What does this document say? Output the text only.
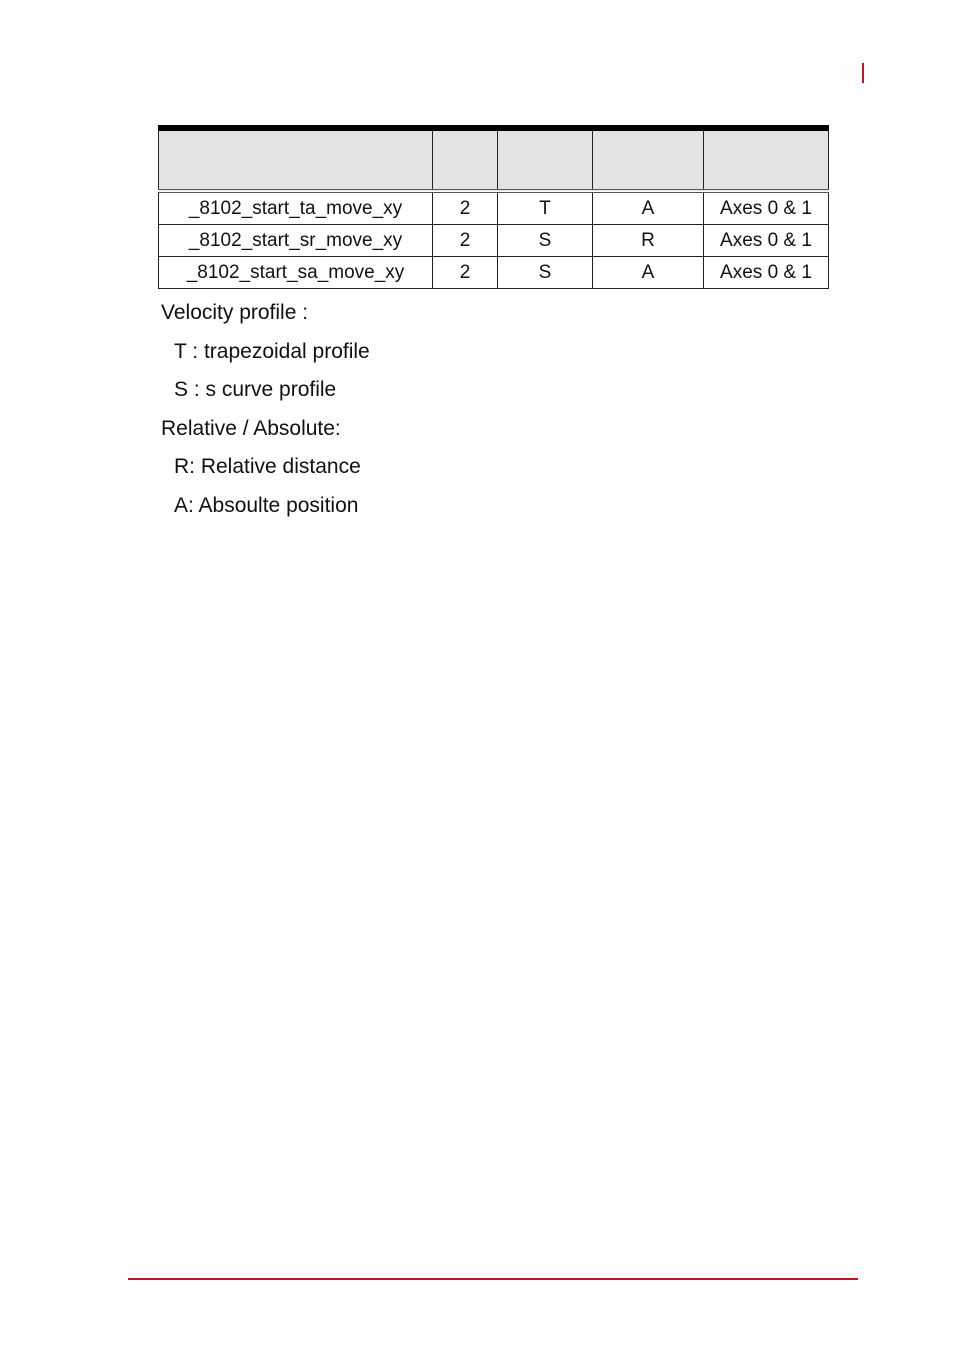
_8102_start_ta_move_xy	2	T	A	Axes 0 & 1
_8102_start_sr_move_xy	2	S	R	Axes 0 & 1
_8102_start_sa_move_xy	2	S	A	Axes 0 & 1
Velocity profile :
T : trapezoidal profile
S : s curve profile
Relative / Absolute:
R: Relative distance
A: Absoulte position
